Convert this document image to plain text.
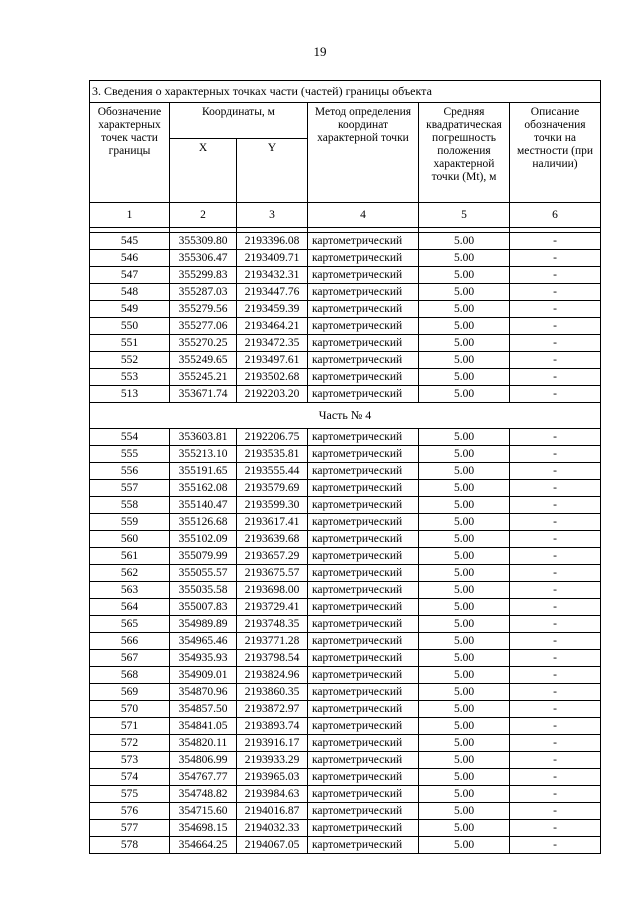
19
3. Сведения о характерных точках части (частей) границы объекта					
Обозначение характерных точек части границы	Координаты, м		Метод определения координат характерной точки	Средняя квадратическая погрешность положения характерной точки (Mt), м	Описание обозначения точки на местности (при наличии)
	X	Y			
1	2	3	4	5	6

545	355309.80	2193396.08	картометрический	5.00	-
546	355306.47	2193409.71	картометрический	5.00	-
547	355299.83	2193432.31	картометрический	5.00	-
548	355287.03	2193447.76	картометрический	5.00	-
549	355279.56	2193459.39	картометрический	5.00	-
550	355277.06	2193464.21	картометрический	5.00	-
551	355270.25	2193472.35	картометрический	5.00	-
552	355249.65	2193497.61	картометрический	5.00	-
553	355245.21	2193502.68	картометрический	5.00	-
513	353671.74	2192203.20	картометрический	5.00	-
Часть № 4					
554	353603.81	2192206.75	картометрический	5.00	-
555	355213.10	2193535.81	картометрический	5.00	-
556	355191.65	2193555.44	картометрический	5.00	-
557	355162.08	2193579.69	картометрический	5.00	-
558	355140.47	2193599.30	картометрический	5.00	-
559	355126.68	2193617.41	картометрический	5.00	-
560	355102.09	2193639.68	картометрический	5.00	-
561	355079.99	2193657.29	картометрический	5.00	-
562	355055.57	2193675.57	картометрический	5.00	-
563	355035.58	2193698.00	картометрический	5.00	-
564	355007.83	2193729.41	картометрический	5.00	-
565	354989.89	2193748.35	картометрический	5.00	-
566	354965.46	2193771.28	картометрический	5.00	-
567	354935.93	2193798.54	картометрический	5.00	-
568	354909.01	2193824.96	картометрический	5.00	-
569	354870.96	2193860.35	картометрический	5.00	-
570	354857.50	2193872.97	картометрический	5.00	-
571	354841.05	2193893.74	картометрический	5.00	-
572	354820.11	2193916.17	картометрический	5.00	-
573	354806.99	2193933.29	картометрический	5.00	-
574	354767.77	2193965.03	картометрический	5.00	-
575	354748.82	2193984.63	картометрический	5.00	-
576	354715.60	2194016.87	картометрический	5.00	-
577	354698.15	2194032.33	картометрический	5.00	-
578	354664.25	2194067.05	картометрический	5.00	-
